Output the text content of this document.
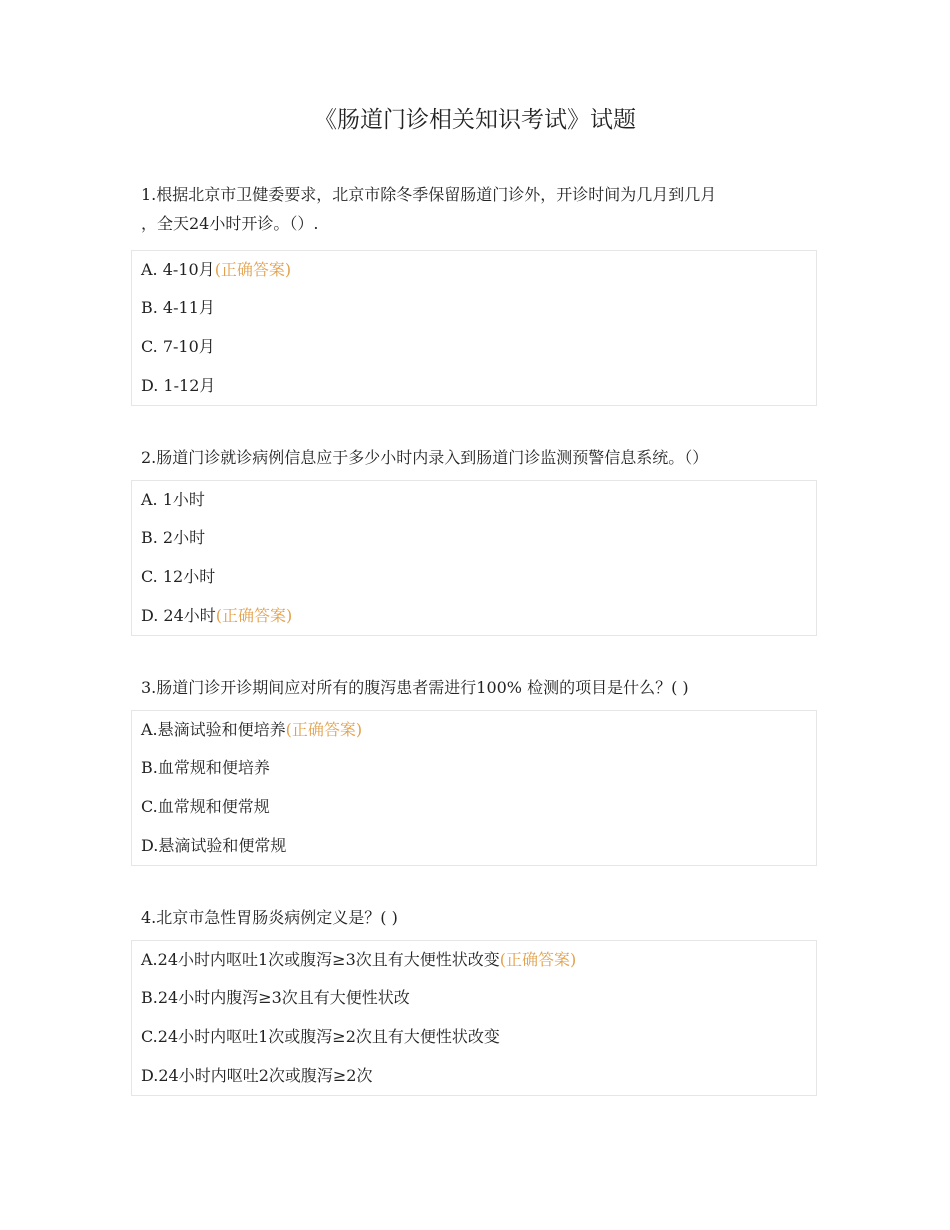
《肠道门诊相关知识考试》试题
1.根据北京市卫健委要求，北京市除冬季保留肠道门诊外，开诊时间为几月到几月
，全天24小时开诊。（）.
A. 4-10月(正确答案)
B. 4-11月
C. 7-10月
D. 1-12月
2.肠道门诊就诊病例信息应于多少小时内录入到肠道门诊监测预警信息系统。（）
A. 1小时
B. 2小时
C. 12小时
D. 24小时(正确答案)
3.肠道门诊开诊期间应对所有的腹泻患者需进行100% 检测的项目是什么？( )
A.悬滴试验和便培养(正确答案)
B.血常规和便培养
C.血常规和便常规
D.悬滴试验和便常规
4.北京市急性胃肠炎病例定义是？( )
A.24小时内呕吐1次或腹泻≥3次且有大便性状改变(正确答案)
B.24小时内腹泻≥3次且有大便性状改
C.24小时内呕吐1次或腹泻≥2次且有大便性状改变
D.24小时内呕吐2次或腹泻≥2次
